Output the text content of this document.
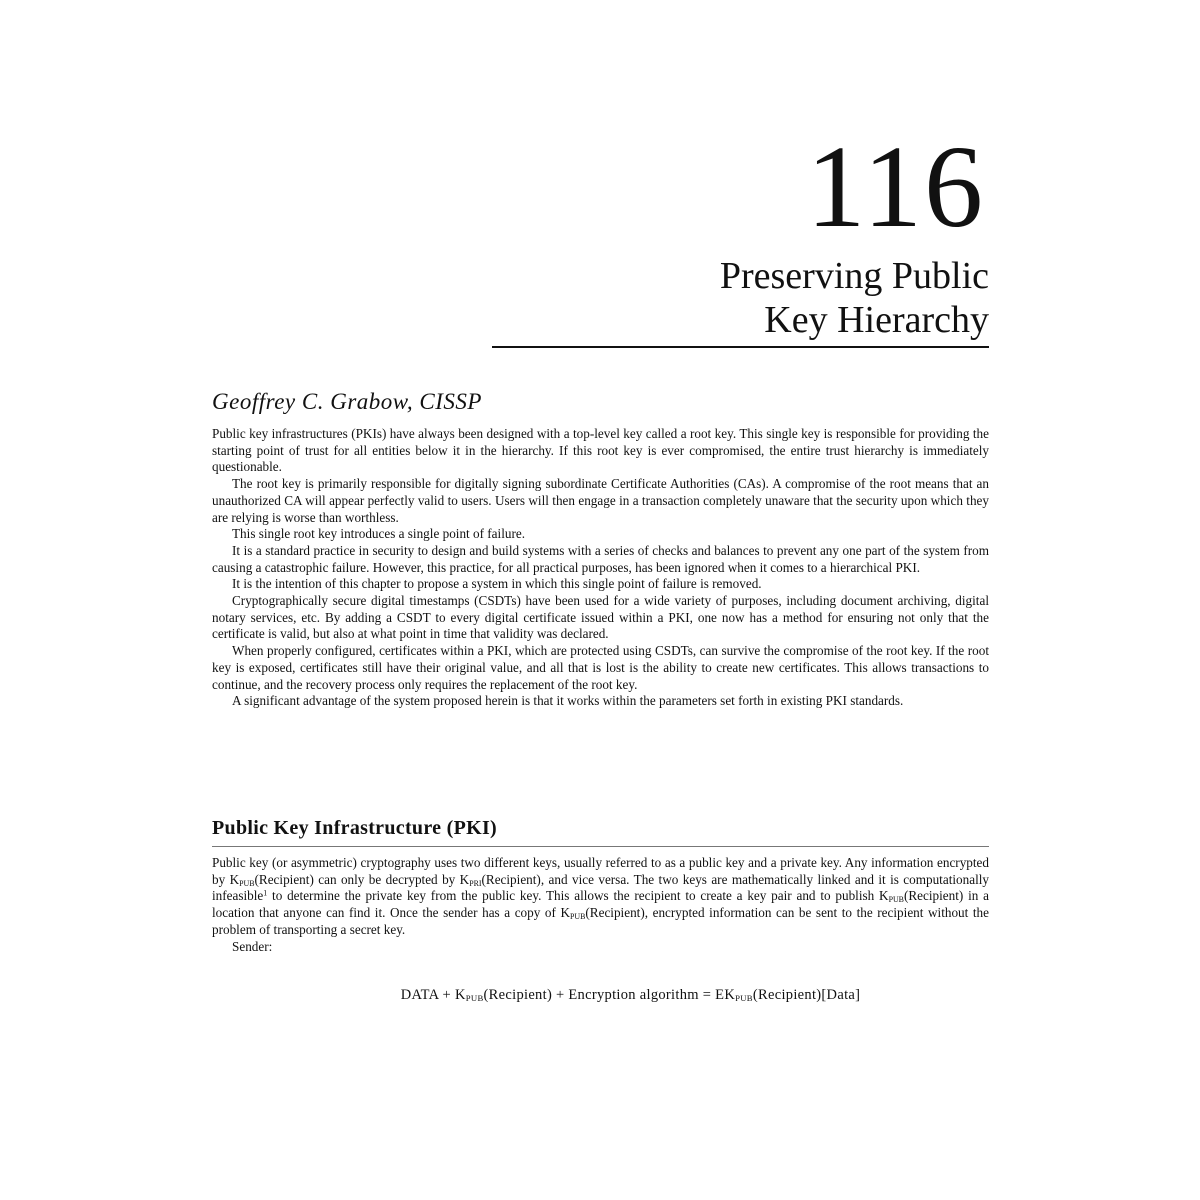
116
Preserving Public
Key Hierarchy
Geoffrey C. Grabow, CISSP

Public key infrastructures (PKIs) have always been designed with a top-level key called a root key. This single key is responsible for providing the starting point of trust for all entities below it in the hierarchy. If this root key is ever compromised, the entire trust hierarchy is immediately questionable.

The root key is primarily responsible for digitally signing subordinate Certificate Authorities (CAs). A compromise of the root means that an unauthorized CA will appear perfectly valid to users. Users will then engage in a transaction completely unaware that the security upon which they are relying is worse than worthless.

This single root key introduces a single point of failure.

It is a standard practice in security to design and build systems with a series of checks and balances to prevent any one part of the system from causing a catastrophic failure. However, this practice, for all practical purposes, has been ignored when it comes to a hierarchical PKI.

It is the intention of this chapter to propose a system in which this single point of failure is removed.

Cryptographically secure digital timestamps (CSDTs) have been used for a wide variety of purposes, including document archiving, digital notary services, etc. By adding a CSDT to every digital certificate issued within a PKI, one now has a method for ensuring not only that the certificate is valid, but also at what point in time that validity was declared.

When properly configured, certificates within a PKI, which are protected using CSDTs, can survive the compromise of the root key. If the root key is exposed, certificates still have their original value, and all that is lost is the ability to create new certificates. This allows transactions to continue, and the recovery process only requires the replacement of the root key.

A significant advantage of the system proposed herein is that it works within the parameters set forth in existing PKI standards.

Public Key Infrastructure (PKI)

Public key (or asymmetric) cryptography uses two different keys, usually referred to as a public key and a private key. Any information encrypted by $K_{PUB}(Recipient)$ can only be decrypted by $K_{PRI}(Recipient)$, and vice versa. The two keys are mathematically linked and it is computationally infeasible$^1$ to determine the private key from the public key. This allows the recipient to create a key pair and to publish $K_{PUB}(Recipient)$ in a location that anyone can find it. Once the sender has a copy of $K_{PUB}(Recipient)$, encrypted information can be sent to the recipient without the problem of transporting a secret key.

Sender:

DATA + $K_{PUB}(Recipient)$ + Encryption algorithm = $EK_{PUB}(Recipient)[Data]$
